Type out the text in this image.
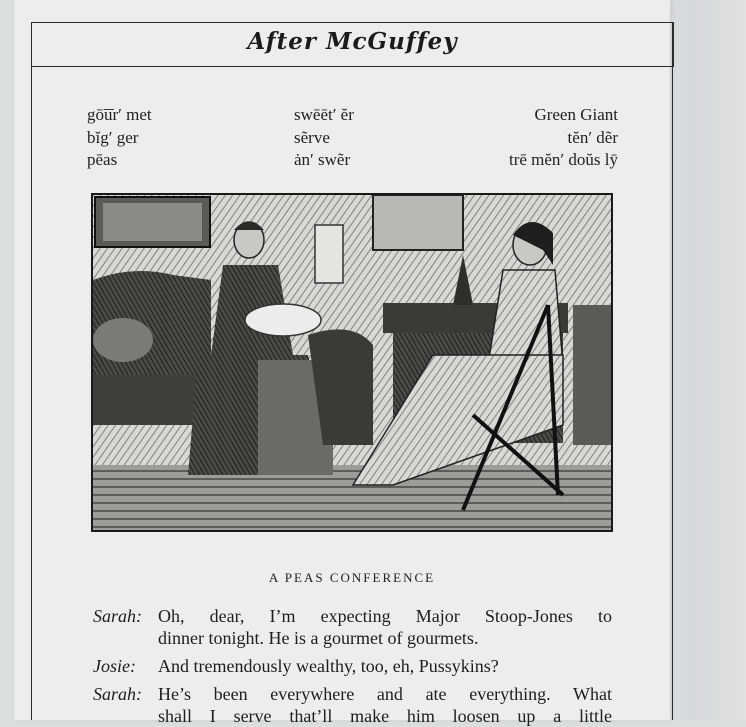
After McGuffey
gō͞ur′ met
bĭg′ ger
pēas
swēēt′ ĕr
sẽrve
ȧn′ swẽr
Green Giant
tĕn′ dẽr
trē mĕn′ doŭs lȳ
A PEAS CONFERENCE
Sarah: Oh, dear, I’m expecting Major Stoop-Jones to
dinner tonight. He is a gourmet of gourmets.
Josie: And tremendously wealthy, too, eh, Pussykins?
Sarah: He’s been everywhere and ate everything. What
shall I serve that’ll make him loosen up a little
